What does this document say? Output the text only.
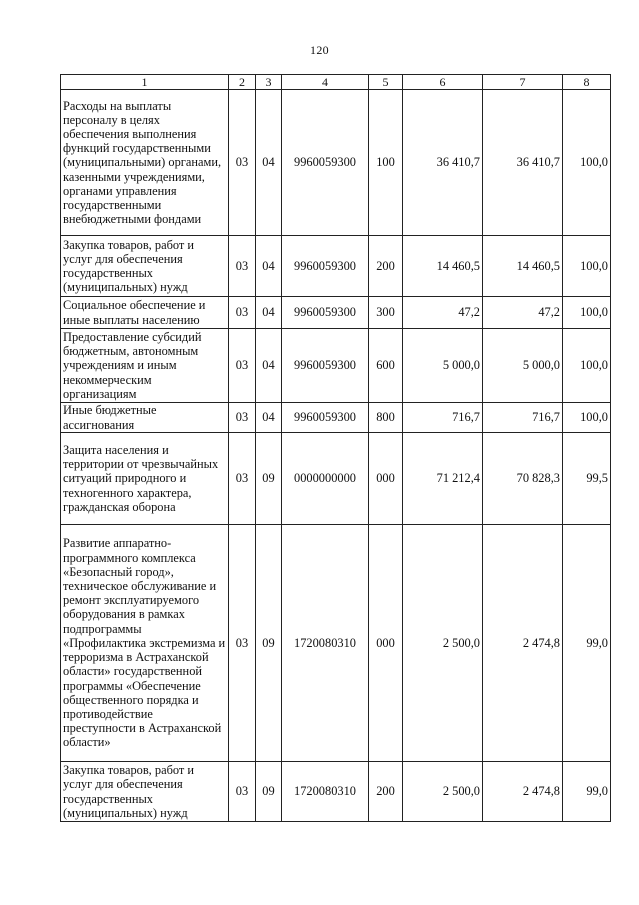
120
1	2	3	4	5	6	7	8
Расходы на выплаты персоналу в целях обеспечения выполнения функций государственными (муниципальными) органами, казенными учреждениями, органами управления государственными внебюджетными фондами	03	04	9960059300	100	36 410,7	36 410,7	100,0
Закупка товаров, работ и услуг для обеспечения государственных (муниципальных) нужд	03	04	9960059300	200	14 460,5	14 460,5	100,0
Социальное обеспечение и иные выплаты населению	03	04	9960059300	300	47,2	47,2	100,0
Предоставление субсидий бюджетным, автономным учреждениям и иным некоммерческим организациям	03	04	9960059300	600	5 000,0	5 000,0	100,0
Иные бюджетные ассигнования	03	04	9960059300	800	716,7	716,7	100,0
Защита населения и территории от чрезвычайных ситуаций природного и техногенного характера, гражданская оборона	03	09	0000000000	000	71 212,4	70 828,3	99,5
Развитие аппаратно-программного комплекса «Безопасный город», техническое обслуживание и ремонт эксплуатируемого оборудования в рамках подпрограммы «Профилактика экстремизма и терроризма в Астраханской области» государственной программы «Обеспечение общественного порядка и противодействие преступности в Астраханской области»	03	09	1720080310	000	2 500,0	2 474,8	99,0
Закупка товаров, работ и услуг для обеспечения государственных (муниципальных) нужд	03	09	1720080310	200	2 500,0	2 474,8	99,0
